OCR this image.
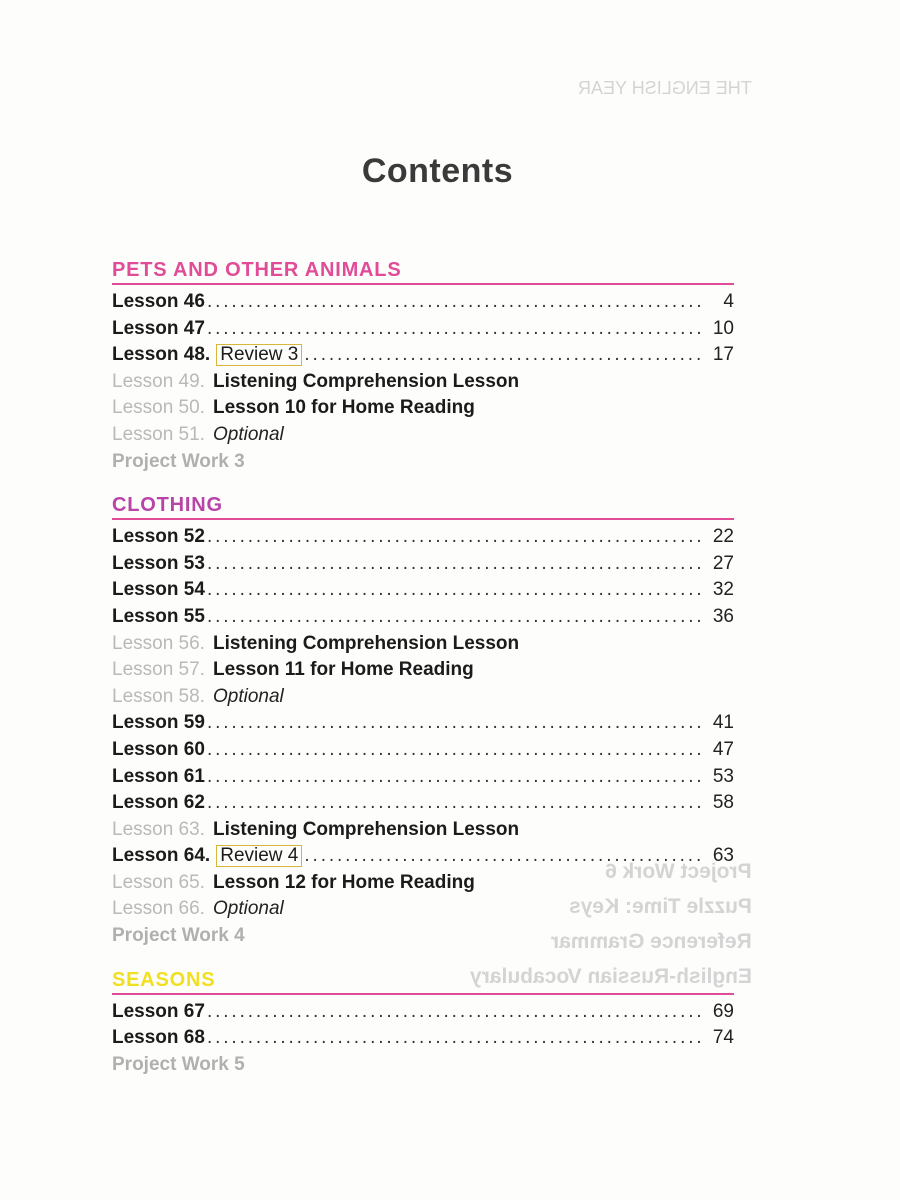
THE ENGLISH YEAR
Project Work 6
Puzzle Time: Keys
Reference Grammar
English-Russian Vocabulary
Contents
PETS AND OTHER ANIMALS
Lesson 46 . . .	4
Lesson 47 . . .	10
Lesson 48. Review 3 . . .	17
Lesson 49. Listening Comprehension Lesson
Lesson 50. Lesson 10 for Home Reading
Lesson 51. Optional
Project Work 3
CLOTHING
Lesson 52 . . .	22
Lesson 53 . . .	27
Lesson 54 . . .	32
Lesson 55 . . .	36
Lesson 56. Listening Comprehension Lesson
Lesson 57. Lesson 11 for Home Reading
Lesson 58. Optional
Lesson 59 . . .	41
Lesson 60 . . .	47
Lesson 61 . . .	53
Lesson 62 . . .	58
Lesson 63. Listening Comprehension Lesson
Lesson 64. Review 4 . . .	63
Lesson 65. Lesson 12 for Home Reading
Lesson 66. Optional
Project Work 4
SEASONS
Lesson 67 . . .	69
Lesson 68 . . .	74
Project Work 5
